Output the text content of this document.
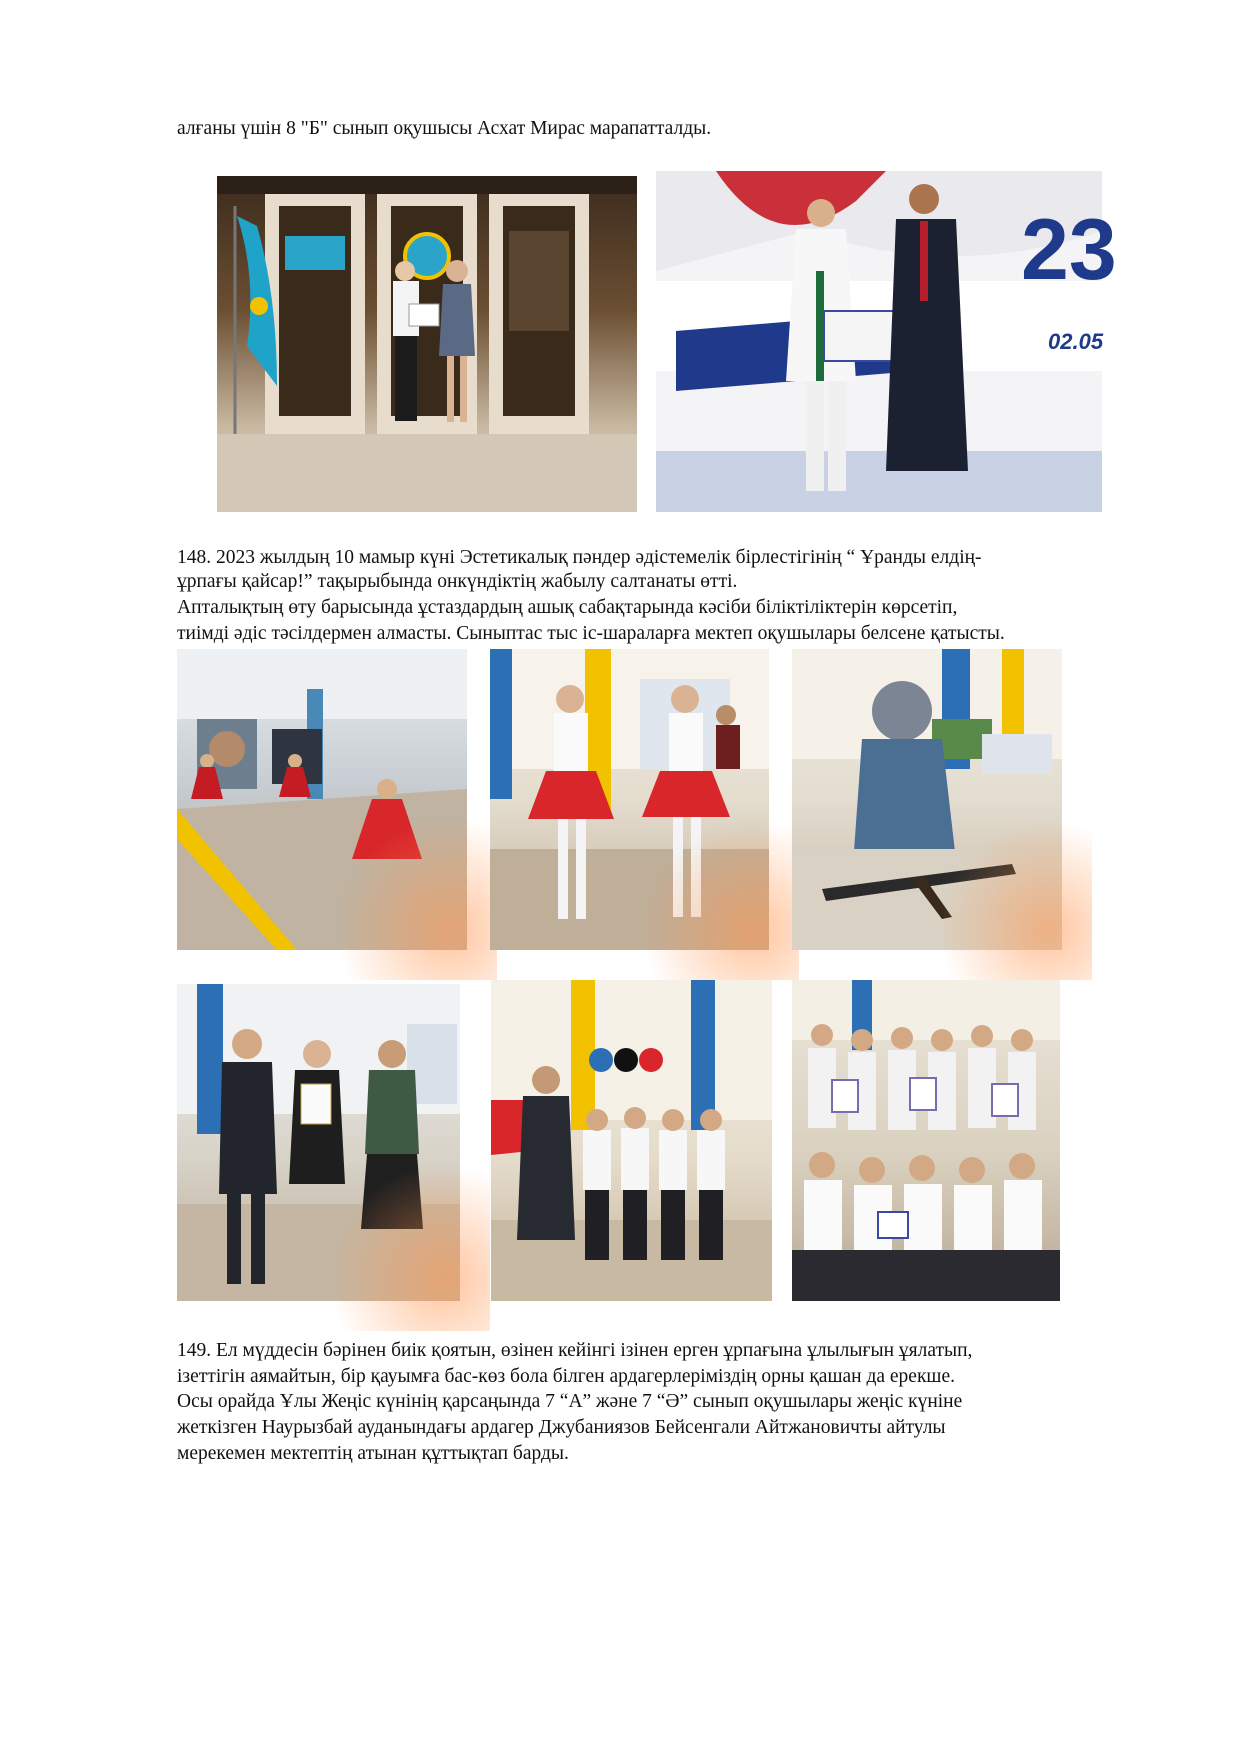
алғаны үшін 8 "Б" сынып оқушысы Асхат Мирас марапатталды.

23
02.05

148. 2023 жылдың 10 мамыр күні Эстетикалық пәндер әдістемелік бірлестігінің “ Ұранды елдің-

ұрпағы қайсар!” тақырыбында онкүндіктің жабылу салтанаты өтті.

Апталықтың өту барысында ұстаздардың ашық сабақтарында кәсіби біліктіліктерін көрсетіп,

тиімді әдіс тәсілдермен алмасты. Сыныптас тыс іс-шараларға мектеп оқушылары белсене қатысты.

149. Ел мүддесін бәрінен биік қоятын, өзінен кейінгі ізінен ерген ұрпағына ұлылығын ұялатып,

ізеттігін аямайтын, бір қауымға бас-көз бола білген ардагерлеріміздің орны қашан да ерекше.

Осы орайда Ұлы Жеңіс күнінің қарсаңында 7 “А” және 7 “Ә” сынып оқушылары жеңіс күніне

жеткізген Наурызбай ауданындағы ардагер Джубаниязов Бейсенгали Айтжановичты айтулы

мерекемен мектептің атынан құттықтап барды.
